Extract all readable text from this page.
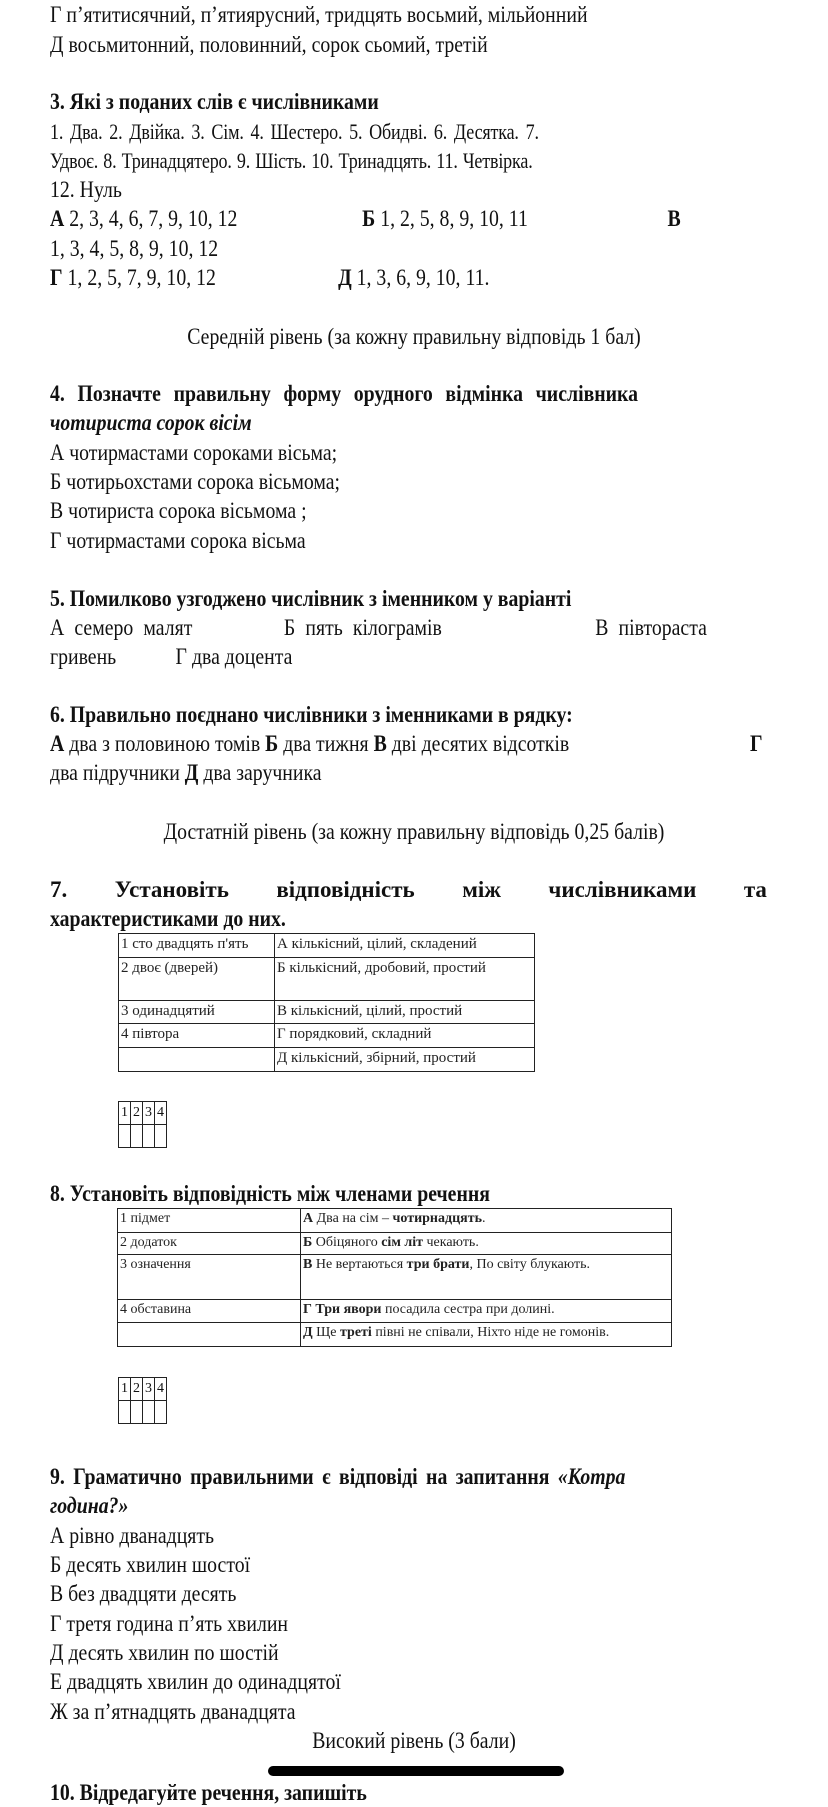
Г п’ятитисячний, п’ятиярусний, тридцять восьмий, мільйонний
Д восьмитонний, половинний, сорок сьомий, третій
3. Які з поданих слів є числівниками
1. Два. 2. Двійка. 3. Сім. 4. Шестеро. 5. Обидві. 6. Десятка. 7.
Удвоє. 8. Тринадцятеро. 9. Шість. 10. Тринадцять. 11. Четвірка.
12. Нуль
А 2, 3, 4, 6, 7, 9, 10, 12	Б 1, 2, 5, 8, 9, 10, 11	В
1, 3, 4, 5, 8, 9, 10, 12
Г 1, 2, 5, 7, 9, 10, 12	Д 1, 3, 6, 9, 10, 11.
Середній рівень (за кожну правильну відповідь 1 бал)
4. Позначте правильну форму орудного відмінка числівника
чотириста сорок вісім
А чотирмастами сороками вісьма;
Б чотирьохстами сорока вісьмома;
В чотириста сорока вісьмома ;
Г чотирмастами сорока вісьма
5. Помилково узгоджено числівник з іменником у варіанті
А семеро малят	Б пять кілограмів	В півтораста
гривень	Г два доцента
6. Правильно поєднано числівники з іменниками в рядку:
А два з половиною томів Б два тижня В дві десятих відсотків	Г
два підручники Д два заручника
Достатній рівень (за кожну правильну відповідь 0,25 балів)
7. Установіть відповідність між числівниками та
характеристиками до них.
1 сто двадцять п'ять	А кількісний, цілий, складений
2 двоє (дверей)	Б кількісний, дробовий, простий
3 одинадцятий	В кількісний, цілий, простий
4 півтора	Г порядковий, складний
	Д кількісний, збірний, простий
1	2	3	4

8. Установіть відповідність між членами речення
1 підмет	А Два на сім – чотирнадцять.
2 додаток	Б Обіцяного сім літ чекають.
3 означення	В Не вертаються три брати, По світу блукають.
4 обставина	Г Три явори посадила сестра при долині.
	Д Ще треті півні не співали, Ніхто ніде не гомонів.
1	2	3	4

9. Граматично правильними є відповіді на запитання «Котра
година?»
А рівно дванадцять
Б десять хвилин шостої
В без двадцяти десять
Г третя година п’ять хвилин
Д десять хвилин по шостій
Е двадцять хвилин до одинадцятої
Ж за п’ятнадцять дванадцята
Високий рівень (3 бали)
10. Відредагуйте речення, запишіть
